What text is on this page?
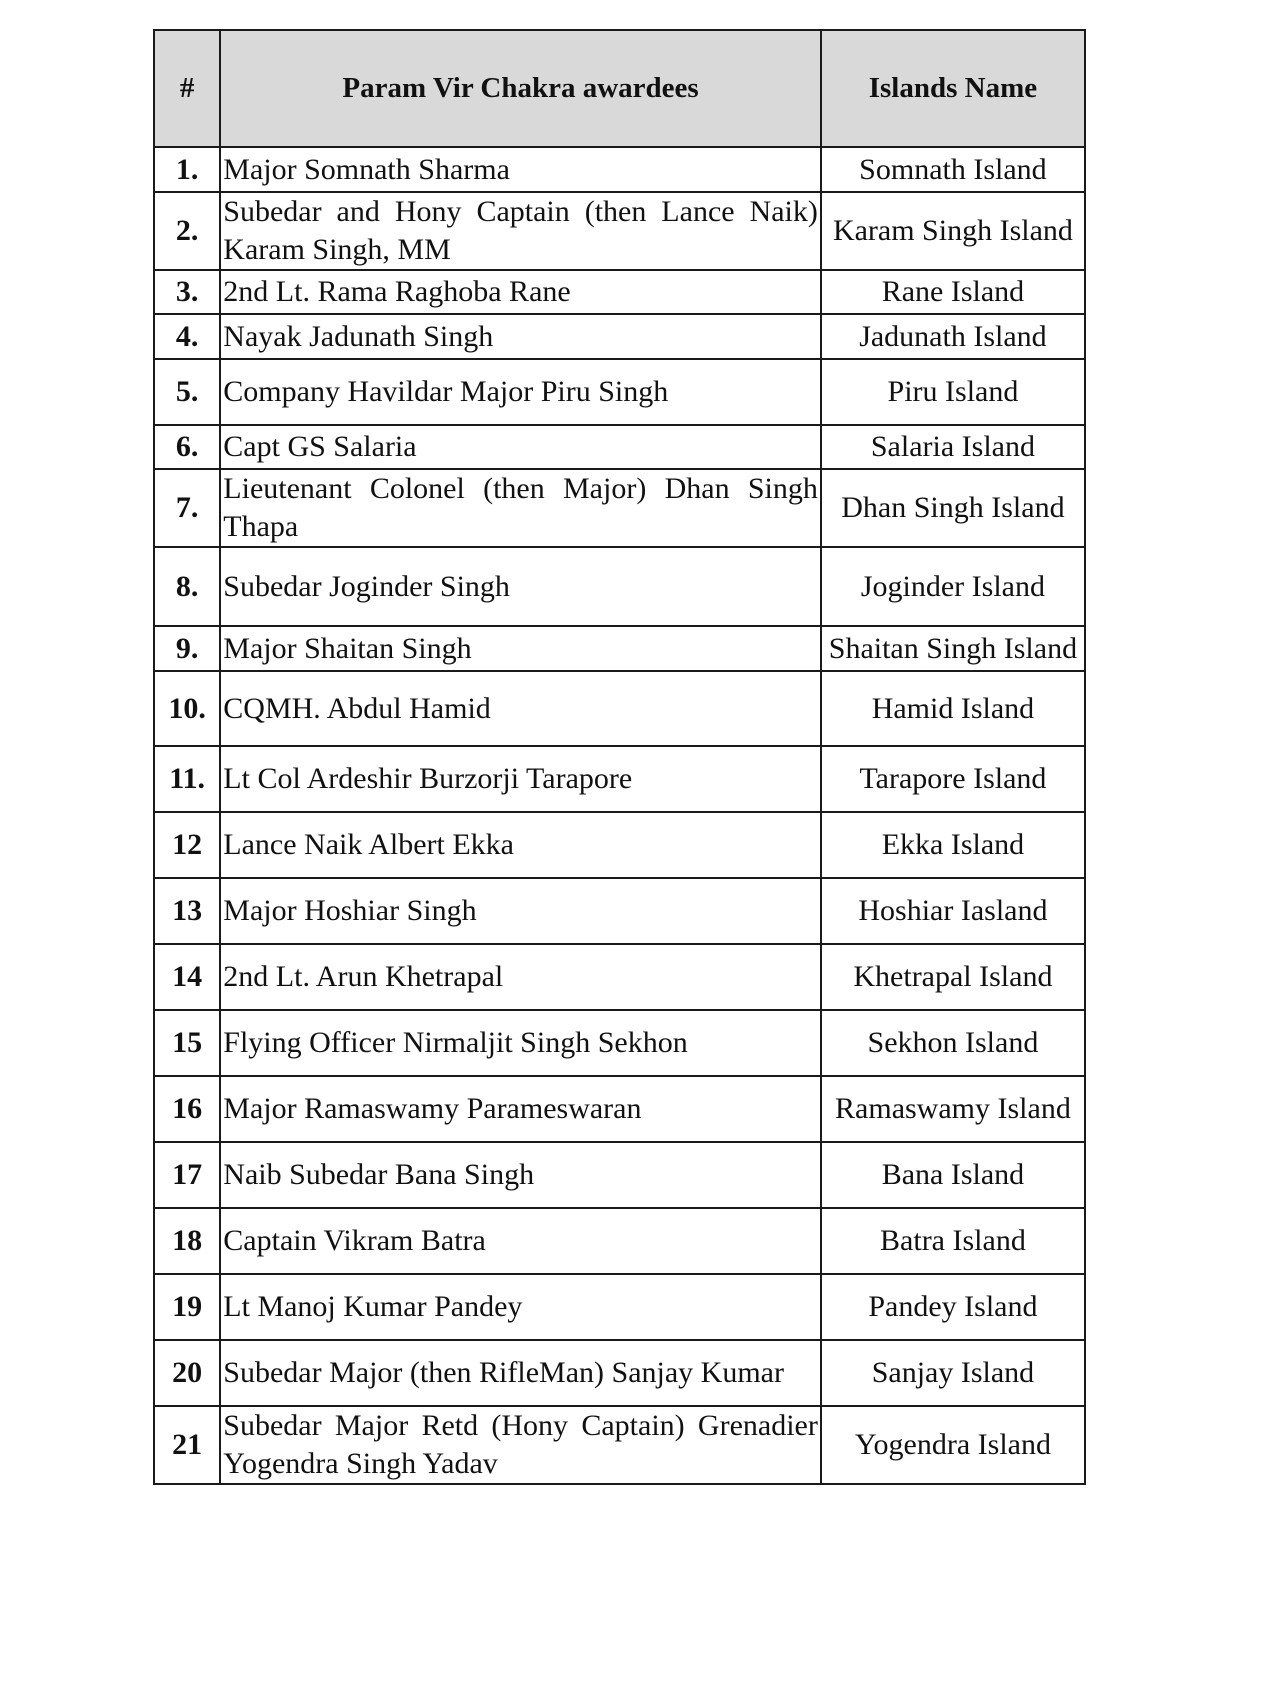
#	Param Vir Chakra awardees	Islands Name
1.	Major Somnath Sharma	Somnath Island
2.	Subedar and Hony Captain (then Lance Naik) Karam Singh, MM	Karam Singh Island
3.	2nd Lt. Rama Raghoba Rane	Rane Island
4.	Nayak Jadunath Singh	Jadunath Island
5.	Company Havildar Major Piru Singh	Piru Island
6.	Capt GS Salaria	Salaria Island
7.	Lieutenant Colonel (then Major) Dhan Singh Thapa	Dhan Singh Island
8.	Subedar Joginder Singh	Joginder Island
9.	Major Shaitan Singh	Shaitan Singh Island
10.	CQMH. Abdul Hamid	Hamid Island
11.	Lt Col Ardeshir Burzorji Tarapore	Tarapore Island
12	Lance Naik Albert Ekka	Ekka Island
13	Major Hoshiar Singh	Hoshiar Iasland
14	2nd Lt. Arun Khetrapal	Khetrapal Island
15	Flying Officer Nirmaljit Singh Sekhon	Sekhon Island
16	Major Ramaswamy Parameswaran	Ramaswamy Island
17	Naib Subedar Bana Singh	Bana Island
18	Captain Vikram Batra	Batra Island
19	Lt Manoj Kumar Pandey	Pandey Island
20	Subedar Major (then RifleMan) Sanjay Kumar	Sanjay Island
21	Subedar Major Retd (Hony Captain) Grenadier Yogendra Singh Yadav	Yogendra Island
